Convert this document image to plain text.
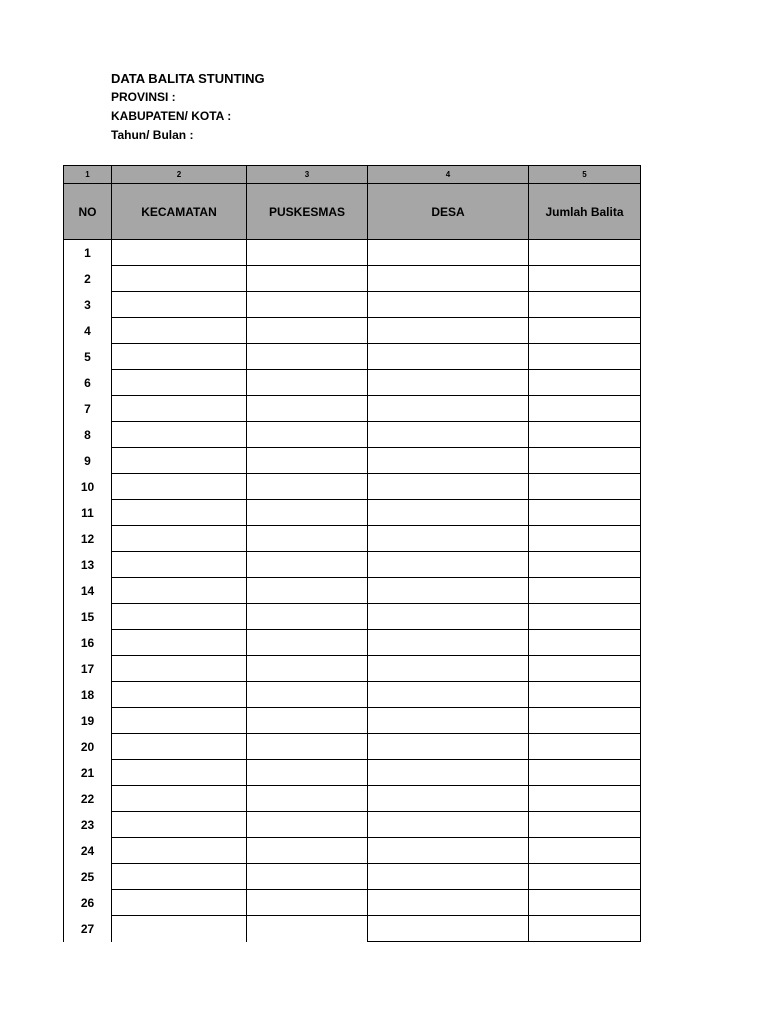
DATA BALITA STUNTING
PROVINSI :
KABUPATEN/ KOTA :
Tahun/ Bulan :
1	2	3	4	5
NO	KECAMATAN	PUSKESMAS	DESA	Jumlah Balita
1				
2				
3				
4				
5				
6				
7				
8				
9				
10				
11				
12				
13				
14				
15				
16				
17				
18				
19				
20				
21				
22				
23				
24				
25				
26				
27				
